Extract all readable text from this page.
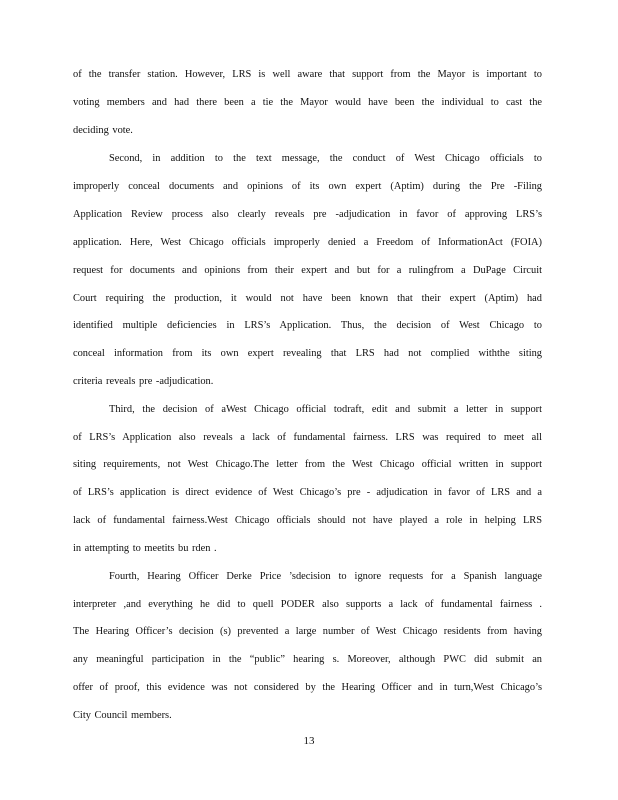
of the transfer station. However, LRS is well aware that support from the Mayor is important to
voting members and had there been a tie the Mayor would have been the individual to cast the
deciding vote.
Second, in addition to the text message, the conduct of West Chicago officials to
improperly conceal documents and opinions of its own expert (Aptim) during the Pre -Filing
Application Review process also clearly reveals pre -adjudication in favor of approving LRS’s
application. Here, West Chicago officials improperly denied a Freedom of InformationAct (FOIA)
request for documents and opinions from their expert and but for a rulingfrom a DuPage Circuit
Court requiring the production, it would not have been known that their expert (Aptim) had
identified multiple deficiencies in LRS’s Application. Thus, the decision of West Chicago to
conceal information from its own expert revealing that LRS had not complied withthe siting
criteria reveals pre -adjudication.
Third, the decision of aWest Chicago official todraft, edit and submit a letter in support
of LRS’s Application also reveals a lack of fundamental fairness. LRS was required to meet all
siting requirements, not West Chicago.The letter from the West Chicago official written in support
of LRS’s application is direct evidence of West Chicago’s pre - adjudication in favor of LRS and a
lack of fundamental fairness.West Chicago officials should not have played a role in helping LRS
in attempting to meetits bu rden .
Fourth, Hearing Officer Derke Price ’sdecision to ignore requests for a Spanish language
interpreter ,and everything he did to quell PODER also supports a lack of fundamental fairness .
The Hearing Officer’s decision (s) prevented a large number of West Chicago residents from having
any meaningful participation in the “public” hearing s. Moreover, although PWC did submit an
offer of proof, this evidence was not considered by the Hearing Officer and in turn,West Chicago’s
City Council members.
13
